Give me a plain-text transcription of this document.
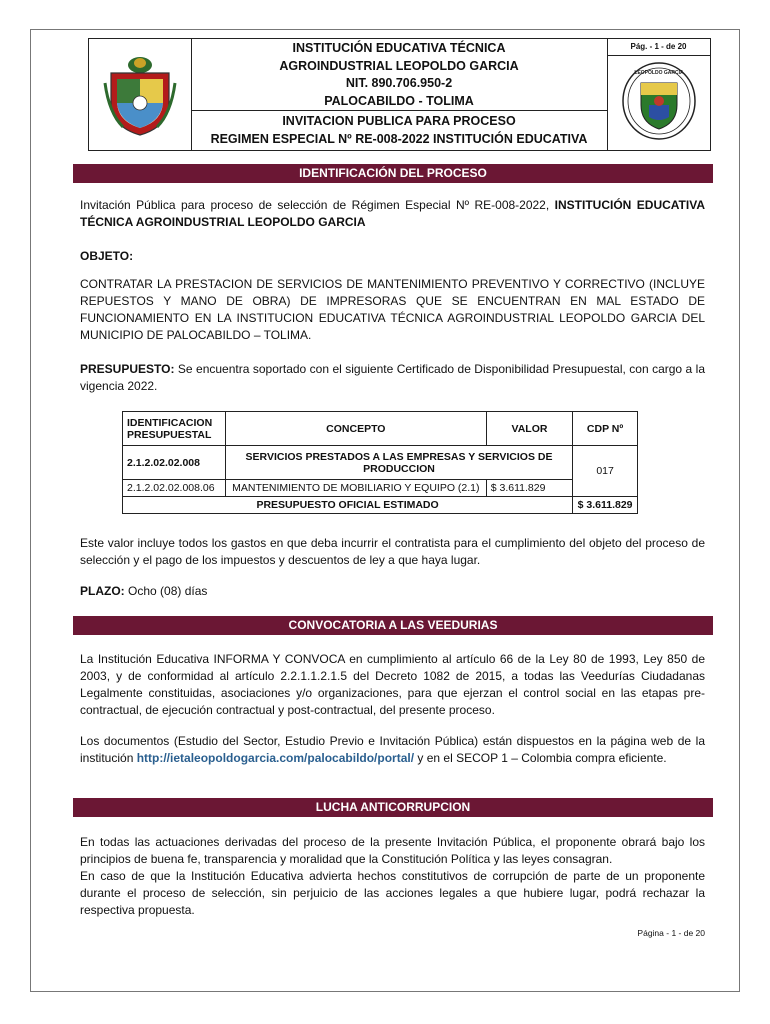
INSTITUCIÓN EDUCATIVA TÉCNICA
AGROINDUSTRIAL LEOPOLDO GARCIA
NIT. 890.706.950-2
PALOCABILDO - TOLIMA
INVITACION PUBLICA PARA PROCESO
REGIMEN ESPECIAL Nº RE-008-2022 INSTITUCIÓN EDUCATIVA
Pág. - 1 - de 20
LEOPOLDO GARCIA
IDENTIFICACIÓN DEL PROCESO
Invitación Pública para proceso de selección de Régimen Especial Nº RE-008-2022, INSTITUCIÓN EDUCATIVA TÉCNICA AGROINDUSTRIAL LEOPOLDO GARCIA
OBJETO:
CONTRATAR LA PRESTACION DE SERVICIOS DE MANTENIMIENTO PREVENTIVO Y CORRECTIVO (INCLUYE REPUESTOS Y MANO DE OBRA) DE IMPRESORAS QUE SE ENCUENTRAN EN MAL ESTADO DE FUNCIONAMIENTO EN LA INSTITUCION EDUCATIVA TÉCNICA AGROINDUSTRIAL LEOPOLDO GARCIA DEL MUNICIPIO DE PALOCABILDO – TOLIMA.
PRESUPUESTO: Se encuentra soportado con el siguiente Certificado de Disponibilidad Presupuestal, con cargo a la vigencia 2022.
IDENTIFICACION PRESUPUESTAL	CONCEPTO	VALOR	CDP Nº
2.1.2.02.02.008	SERVICIOS PRESTADOS A LAS EMPRESAS Y SERVICIOS DE PRODUCCION		017
2.1.2.02.02.008.06	MANTENIMIENTO DE MOBILIARIO Y EQUIPO (2.1)	$ 3.611.829	
PRESUPUESTO OFICIAL ESTIMADO			$ 3.611.829
Este valor incluye todos los gastos en que deba incurrir el contratista para el cumplimiento del objeto del proceso de selección y el pago de los impuestos y descuentos de ley a que haya lugar.
PLAZO: Ocho (08) días
CONVOCATORIA A LAS VEEDURIAS
La Institución Educativa INFORMA Y CONVOCA en cumplimiento al artículo 66 de la Ley 80 de 1993, Ley 850 de 2003, y de conformidad al artículo 2.2.1.1.2.1.5 del Decreto 1082 de 2015, a todas las Veedurías Ciudadanas Legalmente constituidas, asociaciones y/o organizaciones, para que ejerzan el control social en las etapas pre-contractual, de ejecución contractual y post-contractual, del presente proceso.
Los documentos (Estudio del Sector, Estudio Previo e Invitación Pública) están dispuestos en la página web de la institución http://ietaleopoldogarcia.com/palocabildo/portal/ y en el SECOP 1 – Colombia compra eficiente.
LUCHA ANTICORRUPCION
En todas las actuaciones derivadas del proceso de la presente Invitación Pública, el proponente obrará bajo los principios de buena fe, transparencia y moralidad que la Constitución Política y las leyes consagran.
En caso de que la Institución Educativa advierta hechos constitutivos de corrupción de parte de un proponente durante el proceso de selección, sin perjuicio de las acciones legales a que hubiere lugar, podrá rechazar la respectiva propuesta.
Página - 1 - de 20
